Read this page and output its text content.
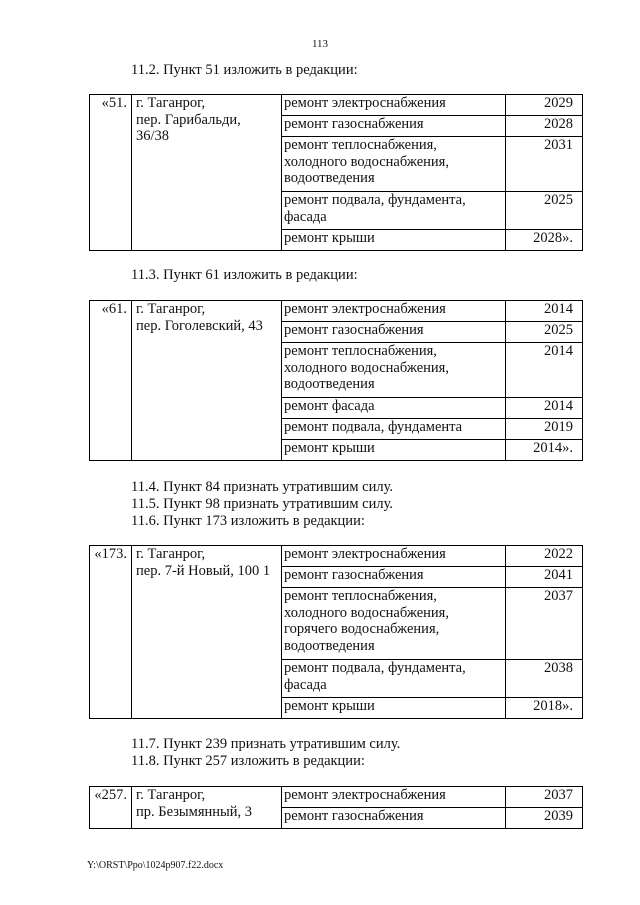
113

11.2. Пункт 51 изложить в редакции:

«51.	г. Таганрог,
пер. Гарибальди,
36/38	ремонт электроснабжения	2029
		ремонт газоснабжения	2028
		ремонт теплоснабжения, холодного водоснабжения, водоотведения	2031
		ремонт подвала, фундамента, фасада	2025
		ремонт крыши	2028».

11.3. Пункт 61 изложить в редакции:

«61.	г. Таганрог,
пер. Гоголевский, 43	ремонт электроснабжения	2014
		ремонт газоснабжения	2025
		ремонт теплоснабжения, холодного водоснабжения, водоотведения	2014
		ремонт фасада	2014
		ремонт подвала, фундамента	2019
		ремонт крыши	2014».

11.4. Пункт 84 признать утратившим силу.

11.5. Пункт 98 признать утратившим силу.

11.6. Пункт 173 изложить в редакции:

«173.	г. Таганрог,
пер. 7-й Новый, 100 1	ремонт электроснабжения	2022
		ремонт газоснабжения	2041
		ремонт теплоснабжения, холодного водоснабжения, горячего водоснабжения, водоотведения	2037
		ремонт подвала, фундамента, фасада	2038
		ремонт крыши	2018».

11.7. Пункт 239 признать утратившим силу.

11.8. Пункт 257 изложить в редакции:

«257.	г. Таганрог,
пр. Безымянный, 3	ремонт электроснабжения	2037
		ремонт газоснабжения	2039
Y:\ORST\Ppo\1024p907.f22.docx
